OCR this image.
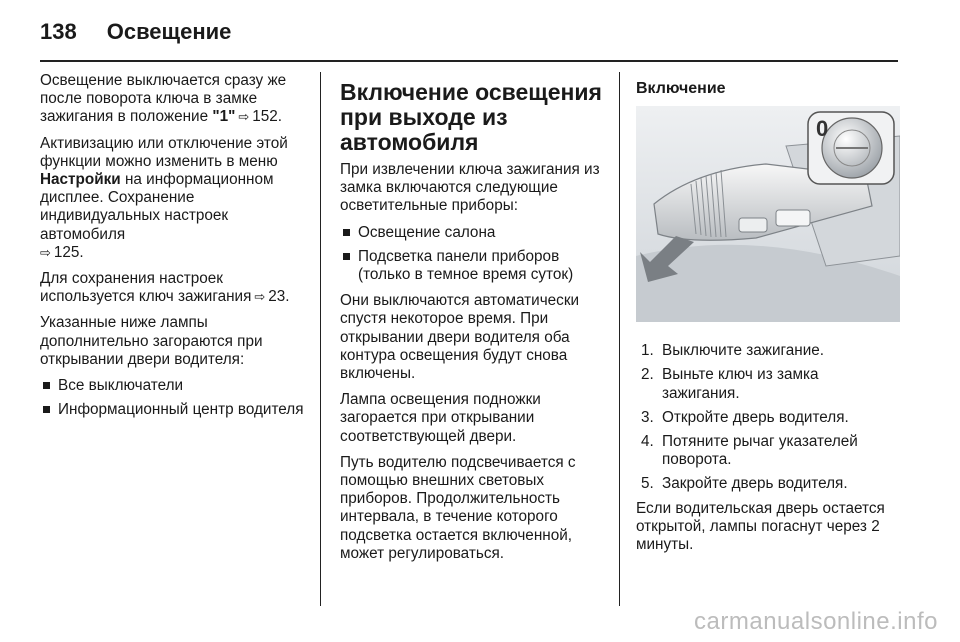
138 Освещение

Освещение выключается сразу же после поворота ключа в замке зажигания в положение "1" ⇨ 152.

Активизацию или отключение этой функции можно изменить в меню Настройки на информационном дисплее. Сохранение индивидуальных настроек автомобиля
⇨ 125.

Для сохранения настроек используется ключ зажигания ⇨ 23.

Указанные ниже лампы дополнительно загораются при открывании двери водителя:

Все выключатели
Информационный центр водителя
Включение освещения при выходе из автомобиля

При извлечении ключа зажигания из замка включаются следующие осветительные приборы:

Освещение салона
Подсветка панели приборов (только в темное время суток)

Они выключаются автоматически спустя некоторое время. При открывании двери водителя оба контура освещения будут снова включены.

Лампа освещения подножки загорается при открывании соответствующей двери.

Путь водителю подсвечивается с помощью внешних световых приборов. Продолжительность интервала, в течение которого подсветка остается включенной, может регулироваться.

Включение
0
1. Выключите зажигание.
2. Выньте ключ из замка зажигания.
3. Откройте дверь водителя.
4. Потяните рычаг указателей поворота.
5. Закройте дверь водителя.

Если водительская дверь остается открытой, лампы погаснут через 2 минуты.

carmanualsonline.info
